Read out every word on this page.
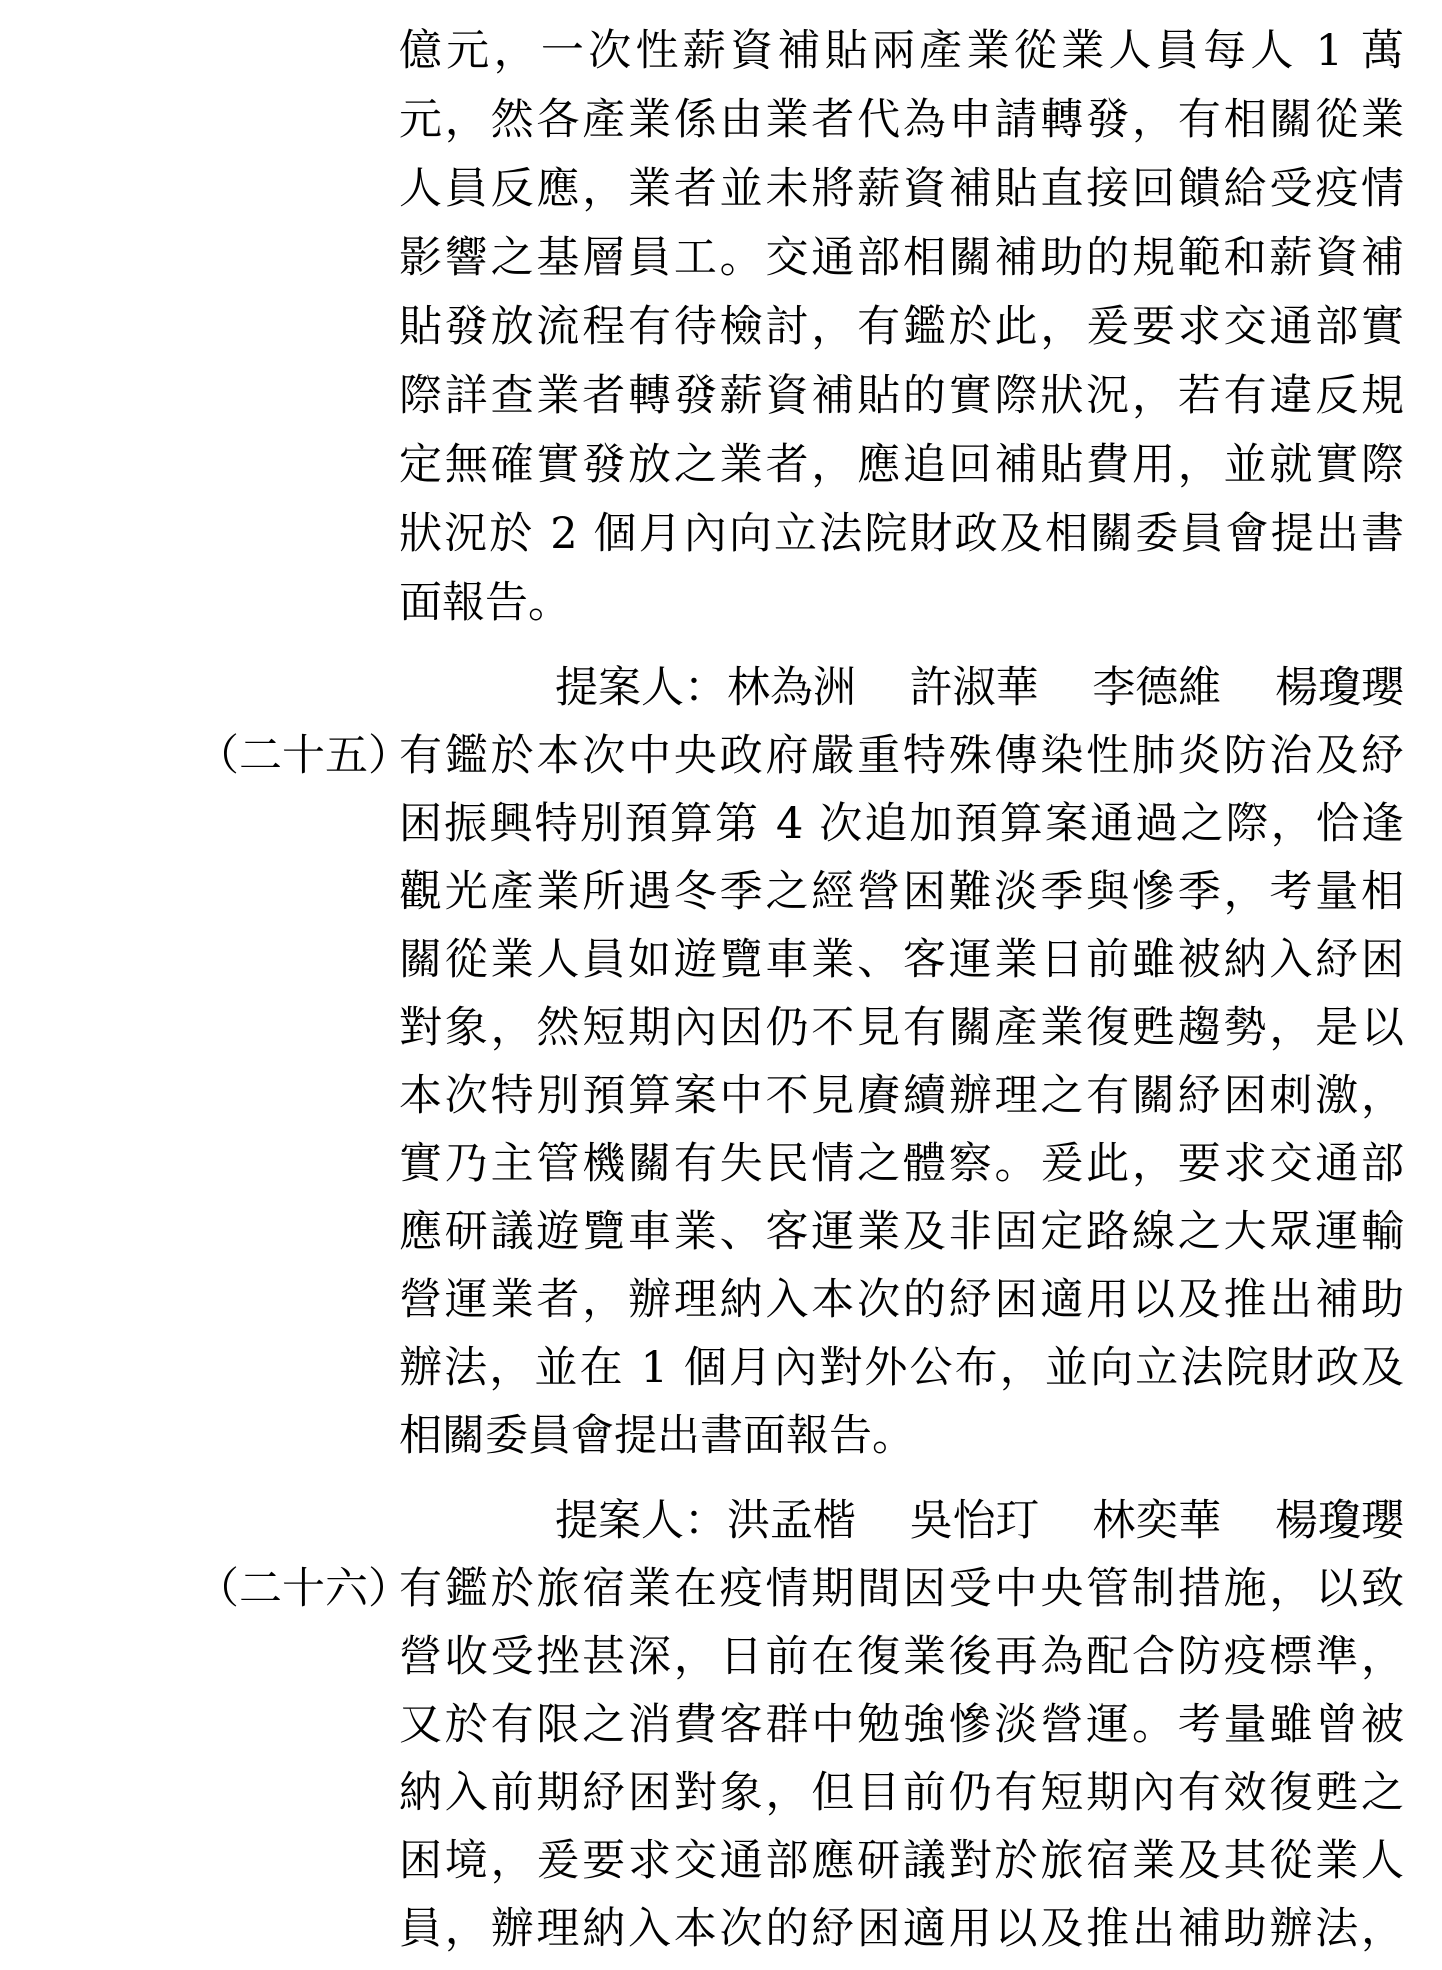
億元，一次性薪資補貼兩產業從業人員每人 1 萬
元，然各產業係由業者代為申請轉發，有相關從業
人員反應，業者並未將薪資補貼直接回饋給受疫情
影響之基層員工。交通部相關補助的規範和薪資補
貼發放流程有待檢討，有鑑於此，爰要求交通部實
際詳查業者轉發薪資補貼的實際狀況，若有違反規
定無確實發放之業者，應追回補貼費用，並就實際
狀況於 2 個月內向立法院財政及相關委員會提出書
面報告。
提案人：林為洲 許淑華 李德維 楊瓊瓔
（二十五）
有鑑於本次中央政府嚴重特殊傳染性肺炎防治及紓
困振興特別預算第 4 次追加預算案通過之際，恰逢
觀光產業所遇冬季之經營困難淡季與慘季，考量相
關從業人員如遊覽車業、客運業日前雖被納入紓困
對象，然短期內因仍不見有關產業復甦趨勢，是以
本次特別預算案中不見賡續辦理之有關紓困刺激，
實乃主管機關有失民情之體察。爰此，要求交通部
應研議遊覽車業、客運業及非固定路線之大眾運輸
營運業者，辦理納入本次的紓困適用以及推出補助
辦法，並在 1 個月內對外公布，並向立法院財政及
相關委員會提出書面報告。
提案人：洪孟楷 吳怡玎 林奕華 楊瓊瓔
（二十六）
有鑑於旅宿業在疫情期間因受中央管制措施，以致
營收受挫甚深，日前在復業後再為配合防疫標準，
又於有限之消費客群中勉強慘淡營運。考量雖曾被
納入前期紓困對象，但目前仍有短期內有效復甦之
困境，爰要求交通部應研議對於旅宿業及其從業人
員，辦理納入本次的紓困適用以及推出補助辦法，
